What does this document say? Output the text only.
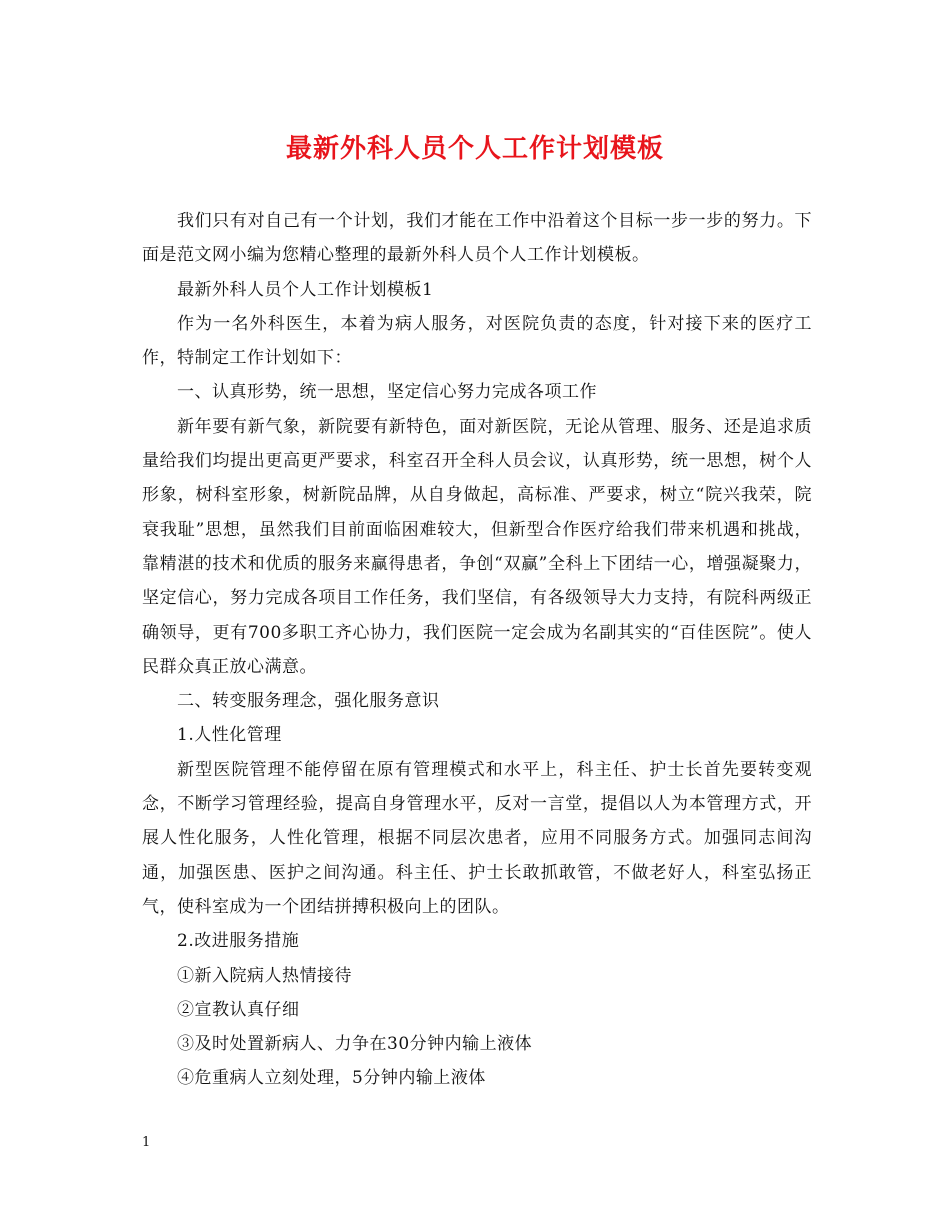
最新外科人员个人工作计划模板

我们只有对自己有一个计划，我们才能在工作中沿着这个目标一步一步的努力。下面是范文网小编为您精心整理的最新外科人员个人工作计划模板。

最新外科人员个人工作计划模板1

作为一名外科医生，本着为病人服务，对医院负责的态度，针对接下来的医疗工作，特制定工作计划如下：

一、认真形势，统一思想，坚定信心努力完成各项工作

新年要有新气象，新院要有新特色，面对新医院，无论从管理、服务、还是追求质量给我们均提出更高更严要求，科室召开全科人员会议，认真形势，统一思想，树个人形象，树科室形象，树新院品牌，从自身做起，高标准、严要求，树立“院兴我荣，院衰我耻”思想，虽然我们目前面临困难较大，但新型合作医疗给我们带来机遇和挑战，靠精湛的技术和优质的服务来赢得患者，争创“双赢”全科上下团结一心，增强凝聚力，坚定信心，努力完成各项目工作任务，我们坚信，有各级领导大力支持，有院科两级正确领导，更有700多职工齐心协力，我们医院一定会成为名副其实的“百佳医院”。使人民群众真正放心满意。

二、转变服务理念，强化服务意识

1.人性化管理

新型医院管理不能停留在原有管理模式和水平上，科主任、护士长首先要转变观念，不断学习管理经验，提高自身管理水平，反对一言堂，提倡以人为本管理方式，开展人性化服务，人性化管理，根据不同层次患者，应用不同服务方式。加强同志间沟通，加强医患、医护之间沟通。科主任、护士长敢抓敢管，不做老好人，科室弘扬正气，使科室成为一个团结拼搏积极向上的团队。

2.改进服务措施

①新入院病人热情接待

②宣教认真仔细

③及时处置新病人、力争在30分钟内输上液体

④危重病人立刻处理，5分钟内输上液体

1
